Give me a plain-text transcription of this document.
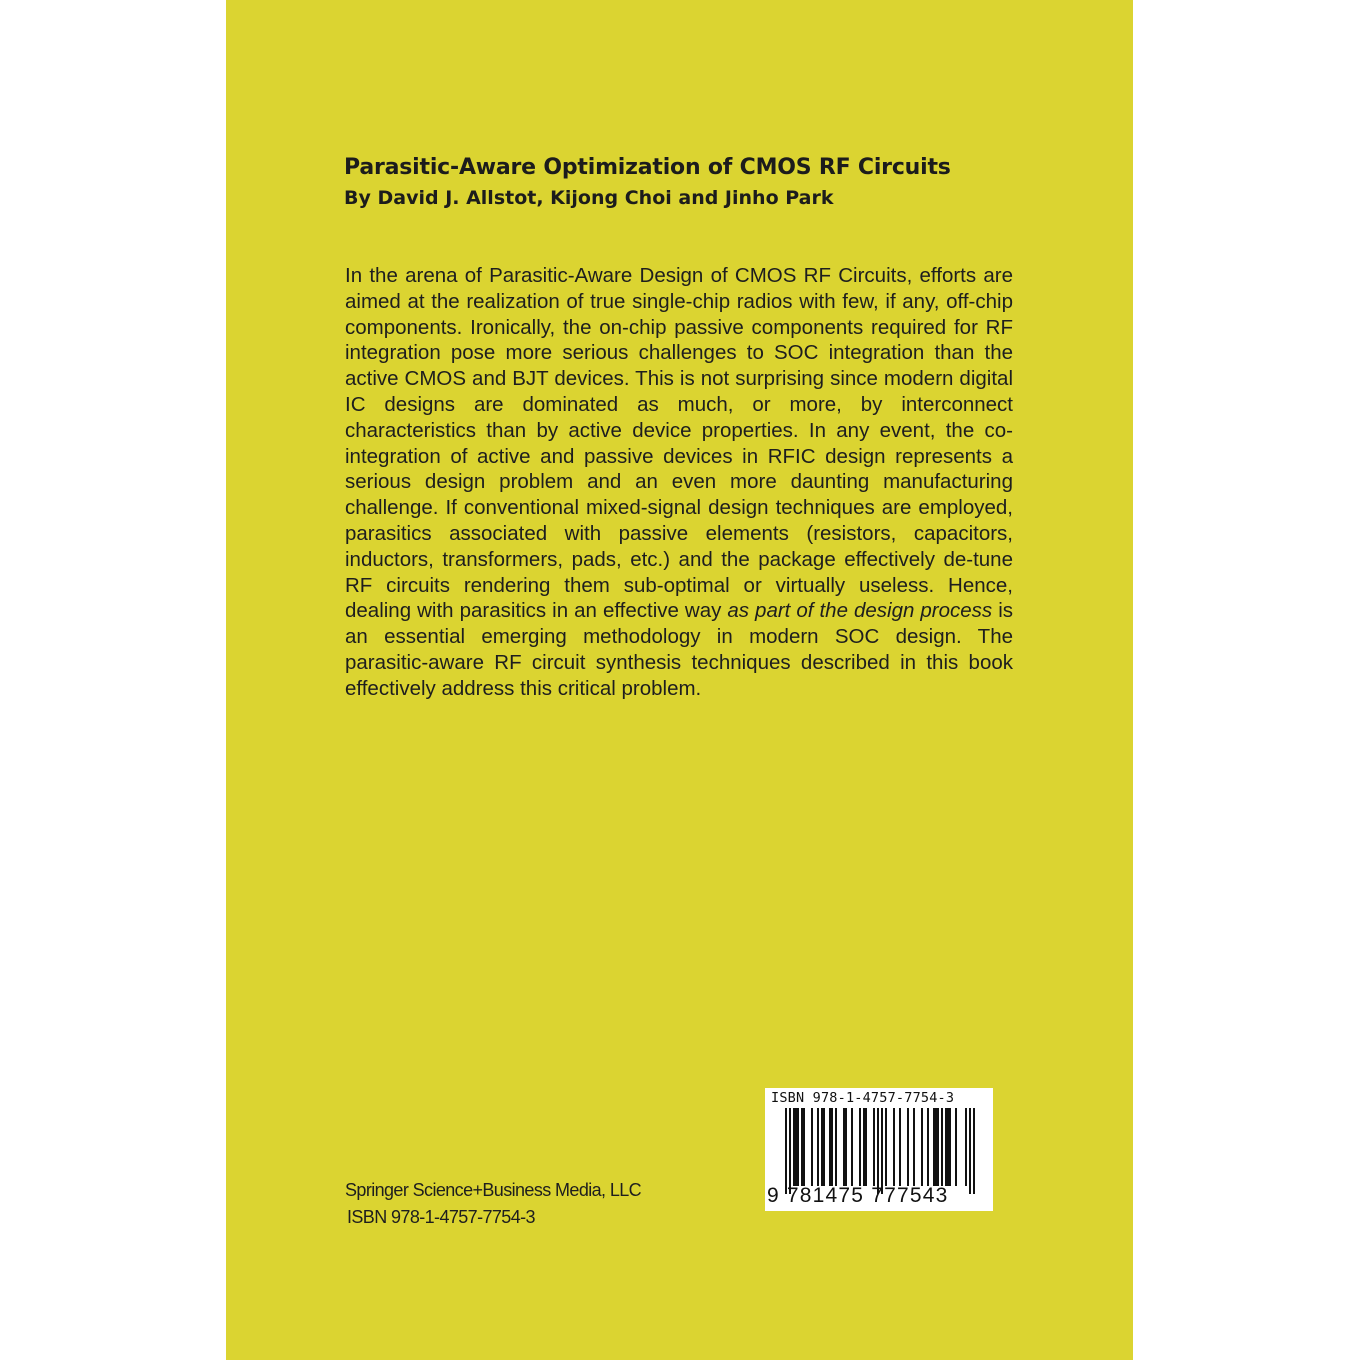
Parasitic-Aware Optimization of CMOS RF Circuits
By David J. Allstot, Kijong Choi and Jinho Park
In the arena of Parasitic-Aware Design of CMOS RF Circuits, efforts are aimed at the realization of true single-chip radios with few, if any, off-chip components. Ironically, the on-chip passive components required for RF integration pose more serious challenges to SOC integration than the active CMOS and BJT devices. This is not surprising since modern digital IC designs are dominated as much, or more, by interconnect characteristics than by active device properties. In any event, the co-integration of active and passive devices in RFIC design represents a serious design problem and an even more daunting manufacturing challenge. If conventional mixed-signal design techniques are employed, parasitics associated with passive elements (resistors, capacitors, inductors, transformers, pads, etc.) and the package effectively de-tune RF circuits rendering them sub-optimal or virtually useless. Hence, dealing with parasitics in an effective way as part of the design process is an essential emerging methodology in modern SOC design. The parasitic-aware RF circuit synthesis techniques described in this book effectively address this critical problem.
Springer Science+Business Media, LLC
ISBN 978-1-4757-7754-3
ISBN 978-1-4757-7754-3
9 781475 777543
